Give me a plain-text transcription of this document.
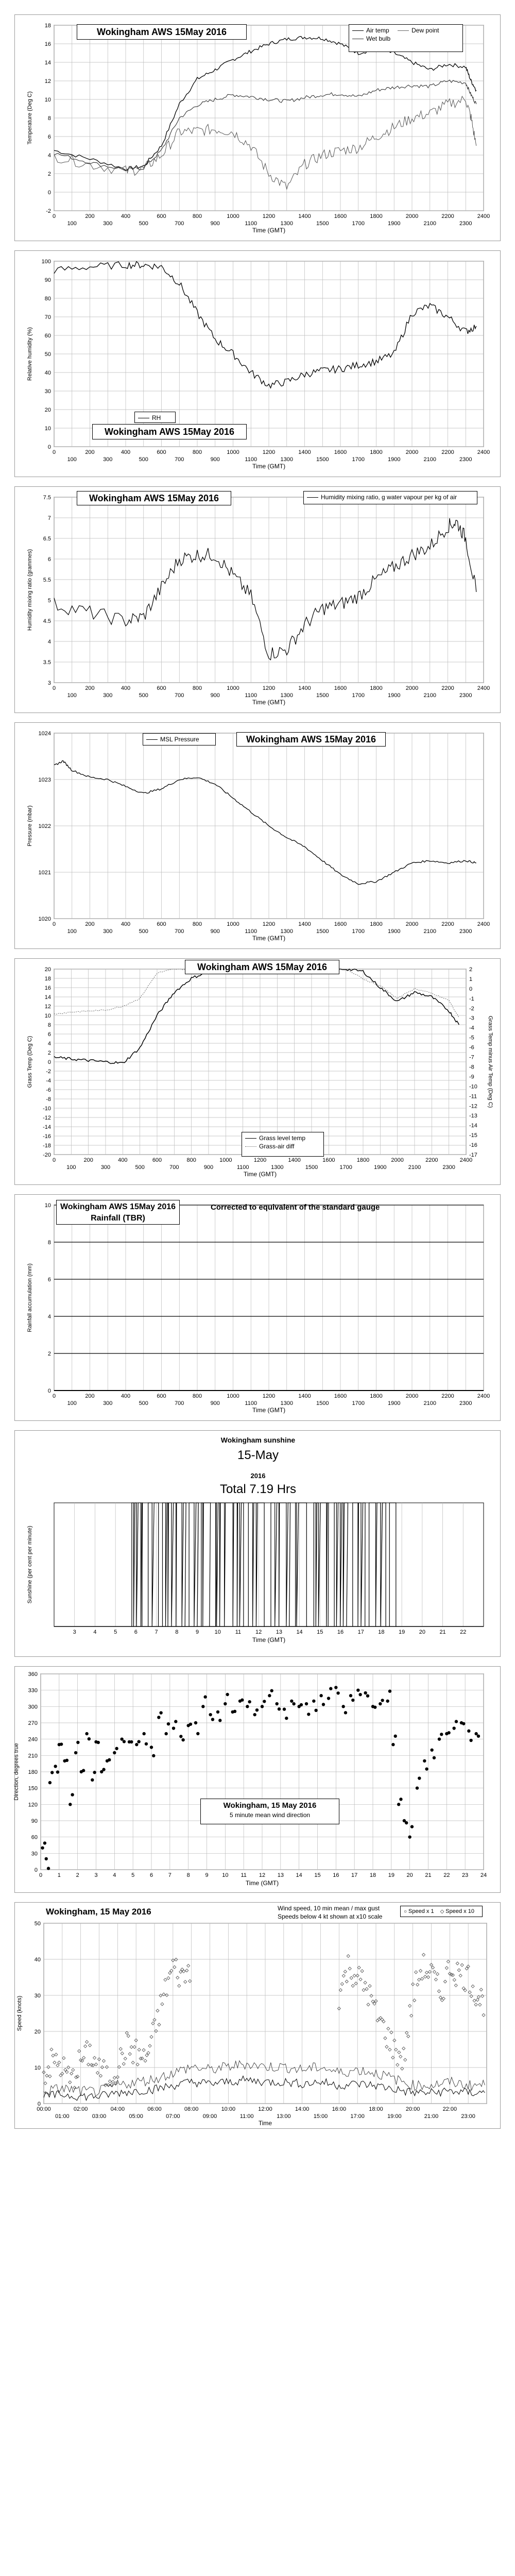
0
100
200
300
400
500
600
700
800
900
1000
1100
1200
1300
1400
1500
1600
1700
1800
1900
2000
2100
2200
2300
2400
-2
0
2
4
6
8
10
12
14
16
18
Time (GMT)
Temperature (Deg C)
Wokingham AWS 15May 2016	Air temp
Wet bulb
Dew point
0
100
200
300
400
500
600
700
800
900
1000
1100
1200
1300
1400
1500
1600
1700
1800
1900
2000
2100
2200
2300
2400
0
10
20
30
40
50
60
70
80
90
100
Time (GMT)
Relative humidity (%)
RH
Wokingham AWS 15May 2016
0
100
200
300
400
500
600
700
800
900
1000
1100
1200
1300
1400
1500
1600
1700
1800
1900
2000
2100
2200
2300
2400
3
3.5
4
4.5
5
5.5
6
6.5
7
7.5
Time (GMT)
Humidity mixing ratio (grammes)
Wokingham AWS 15May 2016	Humidity mixing ratio, g water vapour per kg of air
0
100
200
300
400
500
600
700
800
900
1000
1100
1200
1300
1400
1500
1600
1700
1800
1900
2000
2100
2200
2300
2400
1020
1021
1022
1023
1024
Time (GMT)
Pressure (mbar)
MSL Pressure	Wokingham AWS 15May 2016
0
100
200
300
400
500
600
700
800
900
1000
1100
1200
1300
1400
1500
1600
1700
1800
1900
2000
2100
2200
2300
2400
20
18
16
14
12
10
8
6
4
2
0
-2
-4
-6
-8
-10
-12
-14
-16
-18
-20
Time (GMT)
Grass Temp (Deg C)
2
1
0
-1
-2
-3
-4
-5
-6
-7
-8
-9
-10
-11
-12
-13
-14
-15
-16
-17
Grass Temp minus Air Temp (Deg C)
Wokingham AWS 15May 2016
Grass level temp
Grass-air diff
0
100
200
300
400
500
600
700
800
900
1000
1100
1200
1300
1400
1500
1600
1700
1800
1900
2000
2100
2200
2300
2400
0
2
4
6
8
10
Time (GMT)
Rainfall accumulation (mm)
Wokingham AWS 15May 2016 Rainfall (TBR)
Corrected to equivalent of the standard gauge
3	4	5	6	7	8	9	10	11	12 13 14 15 16 17 18 19 20 21 22
Time (GMT)
Sunshine (per cent per minute)
Wokingham sunshine
15-May
2016
Total 7.19 Hrs
0	1	2	3	4	5	6	7	8	9 10 11 12 13 14 15 16 17 18 19 20 21 22 23 24
0
30
60
90
120
150
180
210
240
270
300
330
360
Time (GMT)
Direction, degrees true
Wokingham, 15 May 2016
5 minute mean wind direction
0
10
20
30
40
50
Speed (knots)
00:00	02:00	04:00	06:00	08:00	10:00	12:00	14:00	16:00	18:00	20:00	22:00
01:00	03:00	05:00	07:00	09:00	11:00	13:00	15:00	17:00	19:00	21:00	23:00
Time
Wokingham, 15 May 2016	Wind speed, 10 min mean / max gust
Speeds below 4 kt shown at x10 scale
○ Speed x 1 ◇ Speed x 10
